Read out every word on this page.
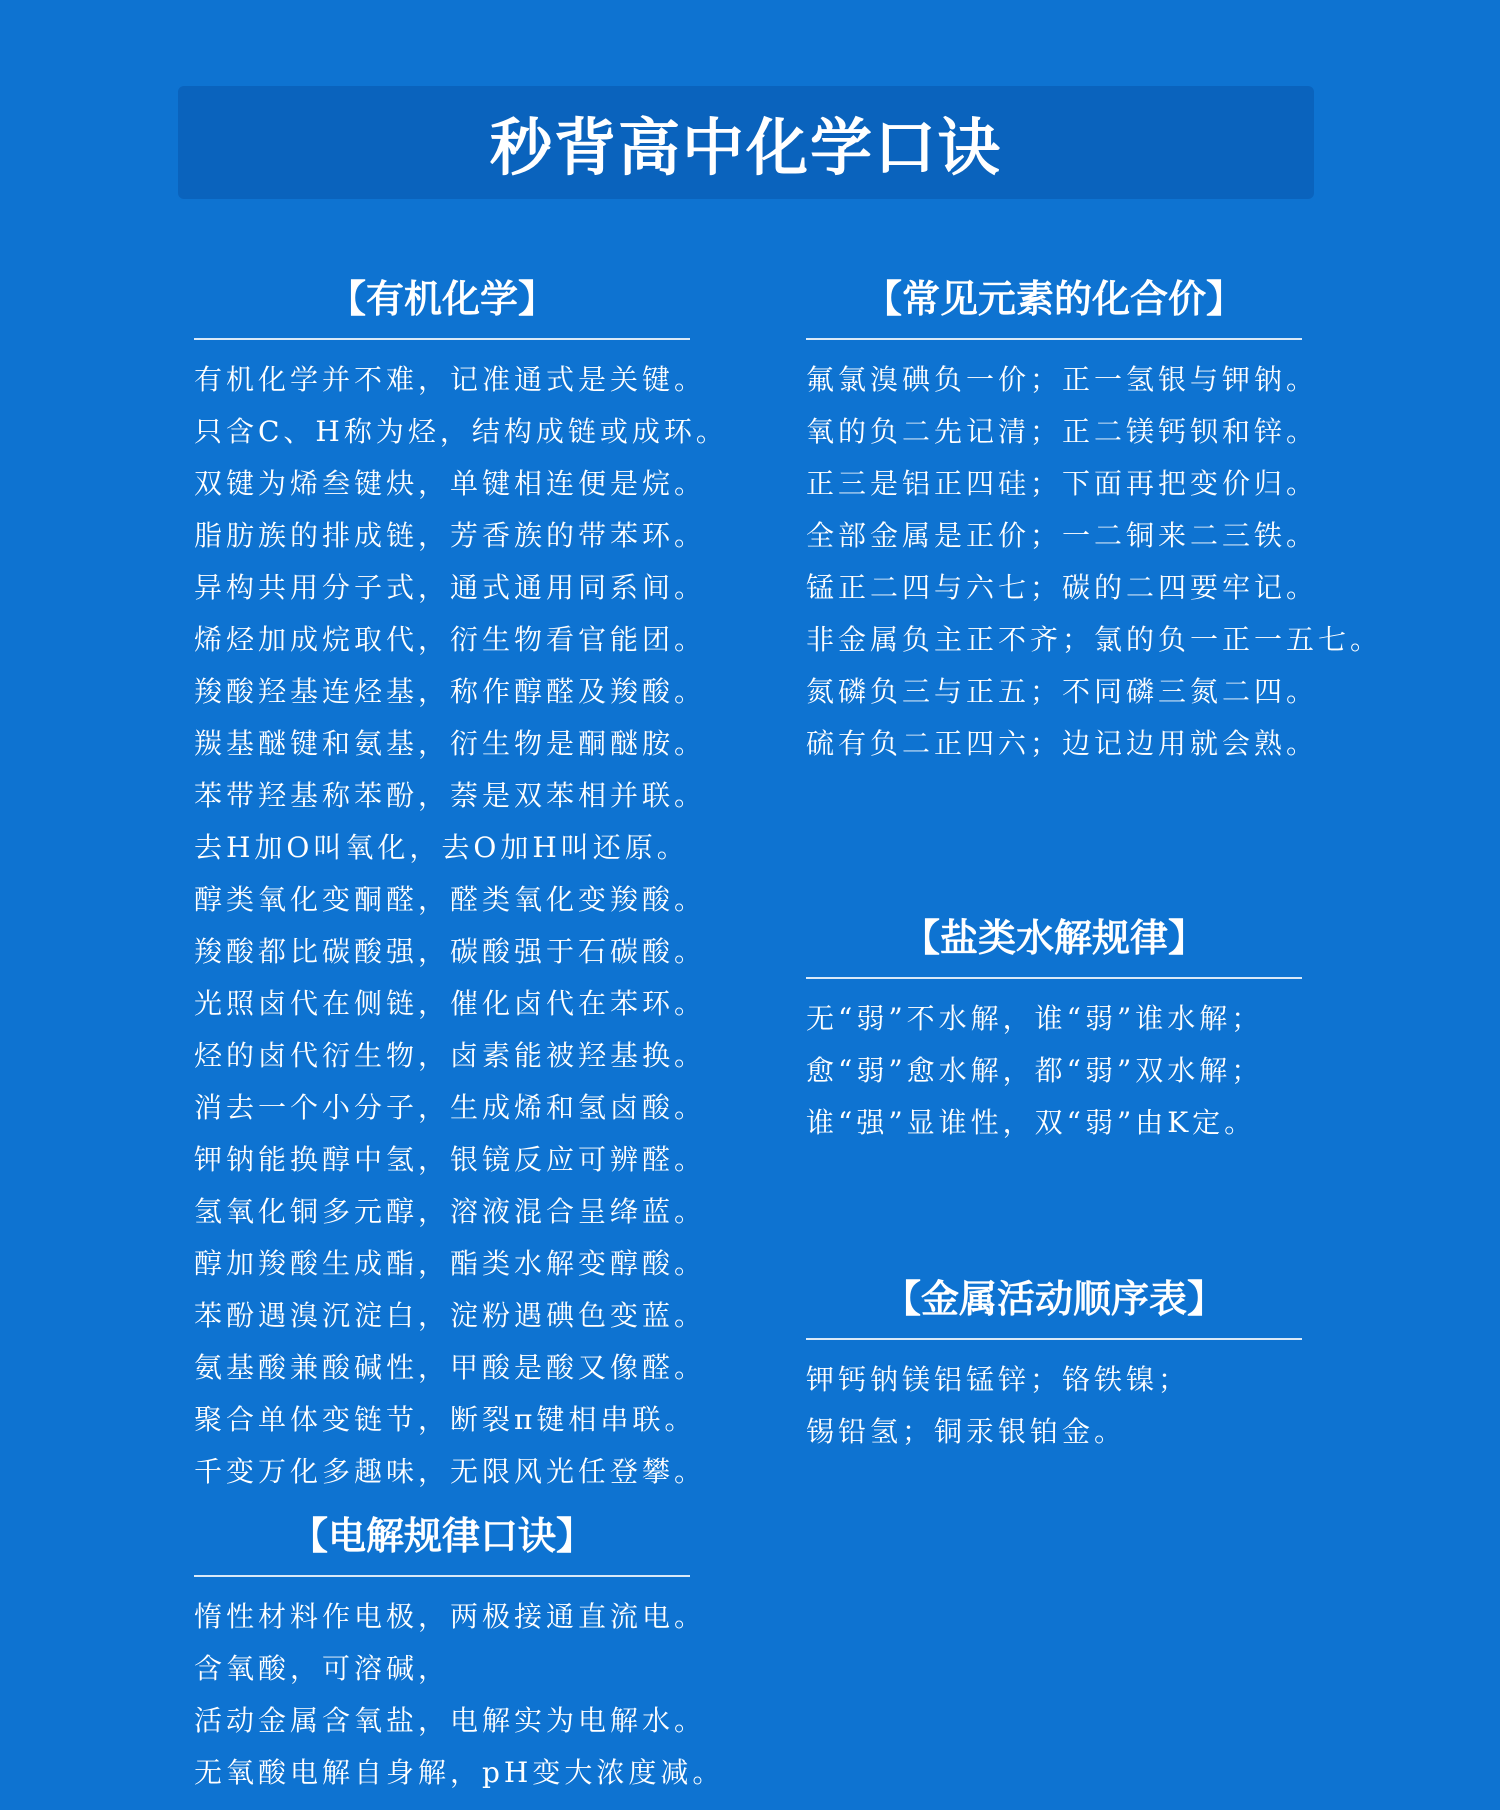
秒背高中化学口诀
【有机化学】
有机化学并不难，记准通式是关键。
只含C、H称为烃，结构成链或成环。
双键为烯叁键炔，单键相连便是烷。
脂肪族的排成链，芳香族的带苯环。
异构共用分子式，通式通用同系间。
烯烃加成烷取代，衍生物看官能团。
羧酸羟基连烃基，称作醇醛及羧酸。
羰基醚键和氨基，衍生物是酮醚胺。
苯带羟基称苯酚，萘是双苯相并联。
去H加O叫氧化，去O加H叫还原。
醇类氧化变酮醛，醛类氧化变羧酸。
羧酸都比碳酸强，碳酸强于石碳酸。
光照卤代在侧链，催化卤代在苯环。
烃的卤代衍生物，卤素能被羟基换。
消去一个小分子，生成烯和氢卤酸。
钾钠能换醇中氢，银镜反应可辨醛。
氢氧化铜多元醇，溶液混合呈绛蓝。
醇加羧酸生成酯，酯类水解变醇酸。
苯酚遇溴沉淀白，淀粉遇碘色变蓝。
氨基酸兼酸碱性，甲酸是酸又像醛。
聚合单体变链节，断裂π键相串联。
千变万化多趣味，无限风光任登攀。
【常见元素的化合价】
氟氯溴碘负一价；正一氢银与钾钠。
氧的负二先记清；正二镁钙钡和锌。
正三是铝正四硅；下面再把变价归。
全部金属是正价；一二铜来二三铁。
锰正二四与六七；碳的二四要牢记。
非金属负主正不齐；氯的负一正一五七。
氮磷负三与正五；不同磷三氮二四。
硫有负二正四六；边记边用就会熟。
【盐类水解规律】
无“弱”不水解，谁“弱”谁水解；
愈“弱”愈水解，都“弱”双水解；
谁“强”显谁性，双“弱”由K定。
【金属活动顺序表】
钾钙钠镁铝锰锌；铬铁镍；
锡铅氢；铜汞银铂金。
【电解规律口诀】
惰性材料作电极，两极接通直流电。
含氧酸，可溶碱，
活动金属含氧盐，电解实为电解水。
无氧酸电解自身解，pH变大浓度减。
